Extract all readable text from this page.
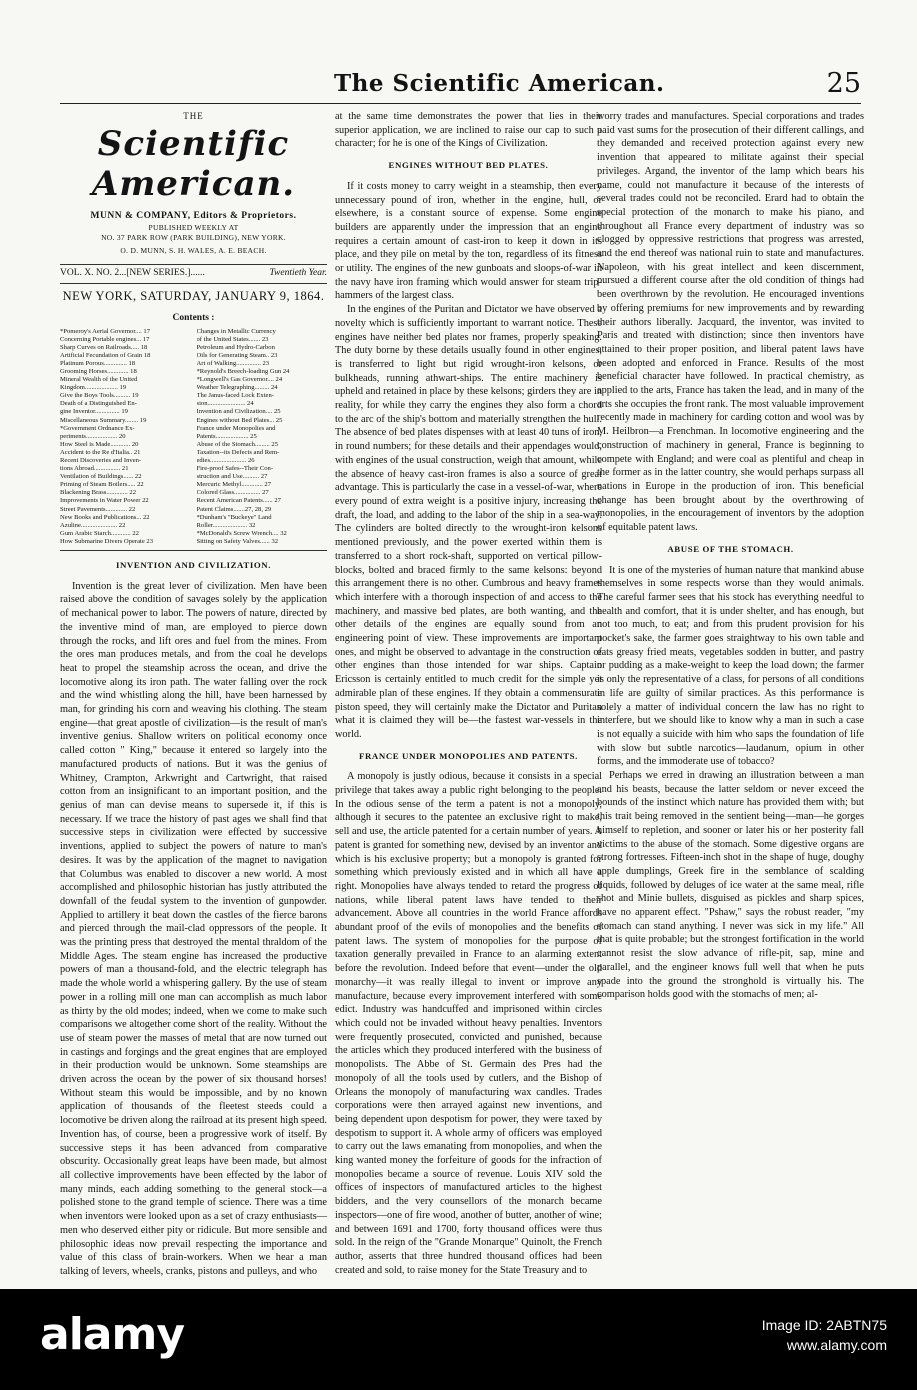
The Scientific American.	25
THE
Scientific American.
MUNN & COMPANY, Editors & Proprietors.
PUBLISHED WEEKLY AT
NO. 37 PARK ROW (PARK BUILDING), NEW YORK.
O. D. MUNN, S. H. WALES, A. E. BEACH.
VOL. X. NO. 2...[NEW SERIES.]......	Twentieth Year.
NEW YORK, SATURDAY, JANUARY 9, 1864.
Contents :
*Pomeroy's Aerial Governor.... 17
Concerning Portable engines... 17
Sharp Curves on Railroads..... 18
Artificial Fecundation of Grain 18
Platinum Porous.............. 18
Grooming Horses............. 18
Mineral Wealth of the United
Kingdom.................... 19
Give the Boys Tools.......... 19
Death of a Distinguished En-
gine Inventor............... 19
Miscellaneous Summary........ 19
*Government Ordnance Ex-
periments................... 20
How Steel is Made............ 20
Accident to the Re d'Italia.. 21
Recent Discoveries and Inven-
tions Abroad................ 21
Ventilation of Buildings...... 22
Priming of Steam Boilers..... 22
Blackening Brass............. 22
Improvements in Water Power 22
Street Pavements............. 22
New Books and Publications... 22
Azuline...................... 22
Gum Arabic Starch............ 22
How Submarine Divers Operate 23
Changes in Metallic Currency
of the United States....... 23
Petroleum and Hydro-Carbon
Oils for Generating Steam.. 23
Art of Walking............... 23
*Reynold's Breech-loading Gun 24
*Longwell's Gas Governor.... 24
Weather Telegraphing......... 24
The Janus-faced Lock Exten-
sion....................... 24
Invention and Civilization.... 25
Engines without Bed Plates... 25
France under Monopolies and
Patents.................... 25
Abuse of the Stomach......... 25
Taxation--its Defects and Rem-
edies...................... 26
Fire-proof Safes--Their Con-
struction and Use.......... 27
Mercuric Methyl............. 27
Colored Glass................ 27
Recent American Patents...... 27
Patent Claims.......27, 28, 29
*Dunham's "Buckeye" Land
Roller..................... 32
*McDonald's Screw Wrench.... 32
Sitting on Safety Valves...... 32
INVENTION AND CIVILIZATION.

Invention is the great lever of civilization. Men have been raised above the condition of savages solely by the application of mechanical power to labor. The powers of nature, directed by the inventive mind of man, are employed to pierce down through the rocks, and lift ores and fuel from the mines. From the ores man produces metals, and from the coal he develops heat to propel the steamship across the ocean, and drive the locomotive along its iron path. The water falling over the rock and the wind whistling along the hill, have been harnessed by man, for grinding his corn and weaving his clothing. The steam engine—that great apostle of civilization—is the result of man's inventive genius. Shallow writers on political economy once called cotton " King," because it entered so largely into the manufactured products of nations. But it was the genius of Whitney, Crampton, Arkwright and Cartwright, that raised cotton from an insignificant to an important position, and the genius of man can devise means to supersede it, if this is necessary. If we trace the history of past ages we shall find that successive steps in civilization were effected by successive inventions, applied to subject the powers of nature to man's desires. It was by the application of the magnet to navigation that Columbus was enabled to discover a new world. A most accomplished and philosophic historian has justly attributed the downfall of the feudal system to the invention of gunpowder. Applied to artillery it beat down the castles of the fierce barons and pierced through the mail-clad oppressors of the people. It was the printing press that destroyed the mental thraldom of the Middle Ages. The steam engine has increased the productive powers of man a thousand-fold, and the electric telegraph has made the whole world a whispering gallery. By the use of steam power in a rolling mill one man can accomplish as much labor as thirty by the old modes; indeed, when we come to make such comparisons we altogether come short of the reality. Without the use of steam power the masses of metal that are now turned out in castings and forgings and the great engines that are employed in their production would be unknown. Some steamships are driven across the ocean by the power of six thousand horses! Without steam this would be impossible, and by no known application of thousands of the fleetest steeds could a locomotive be driven along the railroad at its present high speed. Invention has, of course, been a progressive work of itself. By successive steps it has been advanced from comparative obscurity. Occasionally great leaps have been made, but almost all collective improvements have been effected by the labor of many minds, each adding something to the general stock—a polished stone to the grand temple of science. There was a time when inventors were looked upon as a set of crazy enthusiasts—men who deserved either pity or ridicule. But more sensible and philosophic ideas now prevail respecting the importance and value of this class of brain-workers. When we hear a man talking of levers, wheels, cranks, pistons and pulleys, and who

at the same time demonstrates the power that lies in their superior application, we are inclined to raise our cap to such a character; for he is one of the Kings of Civilization.

ENGINES WITHOUT BED PLATES.

If it costs money to carry weight in a steamship, then every unnecessary pound of iron, whether in the engine, hull, or elsewhere, is a constant source of expense. Some engine builders are apparently under the impression that an engine requires a certain amount of cast-iron to keep it down in its place, and they pile on metal by the ton, regardless of its fitness or utility. The engines of the new gunboats and sloops-of-war in the navy have iron framing which would answer for steam trip-hammers of the largest class.

In the engines of the Puritan and Dictator we have observed a novelty which is sufficiently important to warrant notice. These engines have neither bed plates nor frames, properly speaking. The duty borne by these details usually found in other engines, is transferred to light but rigid wrought-iron kelsons, or bulkheads, running athwart-ships. The entire machinery is upheld and retained in place by these kelsons; girders they are in reality, for while they carry the engines they also form a chord to the arc of the ship's bottom and materially strengthen the hull. The absence of bed plates dispenses with at least 40 tuns of iron, in round numbers; for these details and their appendages would, with engines of the usual construction, weigh that amount, while the absence of heavy cast-iron frames is also a source of great advantage. This is particularly the case in a vessel-of-war, where every pound of extra weight is a positive injury, increasing the draft, the load, and adding to the labor of the ship in a sea-way. The cylinders are bolted directly to the wrought-iron kelsons mentioned previously, and the power exerted within them is transferred to a short rock-shaft, supported on vertical pillow-blocks, bolted and braced firmly to the same kelsons: beyond this arrangement there is no other. Cumbrous and heavy frames which interfere with a thorough inspection of and access to the machinery, and massive bed plates, are both wanting, and the other details of the engines are equally sound from an engineering point of view. These improvements are important ones, and might be observed to advantage in the construction of other engines than those intended for war ships. Captain Ericsson is certainly entitled to much credit for the simple yet admirable plan of these engines. If they obtain a commensurate piston speed, they will certainly make the Dictator and Puritan what it is claimed they will be—the fastest war-vessels in the world.

FRANCE UNDER MONOPOLIES AND PATENTS.

A monopoly is justly odious, because it consists in a special privilege that takes away a public right belonging to the people. In the odious sense of the term a patent is not a monopoly, although it secures to the patentee an exclusive right to make, sell and use, the article patented for a certain number of years. A patent is granted for something new, devised by an inventor and which is his exclusive property; but a monopoly is granted for something which previously existed and in which all have a right. Monopolies have always tended to retard the progress of nations, while liberal patent laws have tended to their advancement. Above all countries in the world France affords abundant proof of the evils of monopolies and the benefits of patent laws. The system of monopolies for the purpose of taxation generally prevailed in France to an alarming extent before the revolution. Indeed before that event—under the old monarchy—it was really illegal to invent or improve any manufacture, because every improvement interfered with some edict. Industry was handcuffed and imprisoned within circles which could not be invaded without heavy penalties. Inventors were frequently prosecuted, convicted and punished, because the articles which they produced interfered with the business of monopolists. The Abbe of St. Germain des Pres had the monopoly of all the tools used by cutlers, and the Bishop of Orleans the monopoly of manufacturing wax candles. Trades corporations were then arrayed against new inventions, and being dependent upon despotism for power, they were taxed by despotism to support it. A whole army of officers was employed to carry out the laws emanating from monopolies, and when the king wanted money the forfeiture of goods for the infraction of monopolies became a source of revenue. Louis XIV sold the offices of inspectors of manufactured articles to the highest bidders, and the very counsellors of the monarch became inspectors—one of fire wood, another of butter, another of wine; and between 1691 and 1700, forty thousand offices were thus sold. In the reign of the "Grande Monarque" Quinolt, the French author, asserts that three hundred thousand offices had been created and sold, to raise money for the State Treasury and to

worry trades and manufactures. Special corporations and trades paid vast sums for the prosecution of their different callings, and they demanded and received protection against every new invention that appeared to militate against their special privileges. Argand, the inventor of the lamp which bears his name, could not manufacture it because of the interests of several trades could not be reconciled. Erard had to obtain the special protection of the monarch to make his piano, and throughout all France every department of industry was so clogged by oppressive restrictions that progress was arrested, and the end thereof was national ruin to state and manufactures. Napoleon, with his great intellect and keen discernment, pursued a different course after the old condition of things had been overthrown by the revolution. He encouraged inventions by offering premiums for new improvements and by rewarding their authors liberally. Jacquard, the inventor, was invited to Paris and treated with distinction; since then inventors have attained to their proper position, and liberal patent laws have been adopted and enforced in France. Results of the most beneficial character have followed. In practical chemistry, as applied to the arts, France has taken the lead, and in many of the arts she occupies the front rank. The most valuable improvement recently made in machinery for carding cotton and wool was by M. Heilbron—a Frenchman. In locomotive engineering and the construction of machinery in general, France is beginning to compete with England; and were coal as plentiful and cheap in the former as in the latter country, she would perhaps surpass all nations in Europe in the production of iron. This beneficial change has been brought about by the overthrowing of monopolies, in the encouragement of inventors by the adoption of equitable patent laws.

ABUSE OF THE STOMACH.

It is one of the mysteries of human nature that mankind abuse themselves in some respects worse than they would animals. The careful farmer sees that his stock has everything needful to health and comfort, that it is under shelter, and has enough, but not too much, to eat; and from this prudent provision for his pocket's sake, the farmer goes straightway to his own table and eats greasy fried meats, vegetables sodden in butter, and pastry or pudding as a make-weight to keep the load down; the farmer is only the representative of a class, for persons of all conditions in life are guilty of similar practices. As this performance is solely a matter of individual concern the law has no right to interfere, but we should like to know why a man in such a case is not equally a suicide with him who saps the foundation of life with slow but subtle narcotics—laudanum, opium in other forms, and the immoderate use of tobacco?

Perhaps we erred in drawing an illustration between a man and his beasts, because the latter seldom or never exceed the bounds of the instinct which nature has provided them with; but this trait being removed in the sentient being—man—he gorges himself to repletion, and sooner or later his or her posterity fall victims to the abuse of the stomach. Some digestive organs are strong fortresses. Fifteen-inch shot in the shape of huge, doughy apple dumplings, Greek fire in the semblance of scalding liquids, followed by deluges of ice water at the same meal, rifle shot and Minie bullets, disguised as pickles and sharp spices, have no apparent effect. "Pshaw," says the robust reader, "my stomach can stand anything. I never was sick in my life." All that is quite probable; but the strongest fortification in the world cannot resist the slow advance of rifle-pit, sap, mine and parallel, and the engineer knows full well that when he puts spade into the ground the stronghold is virtually his. The comparison holds good with the stomachs of men; al-

alamy	Image ID: 2ABTN75
www.alamy.com
